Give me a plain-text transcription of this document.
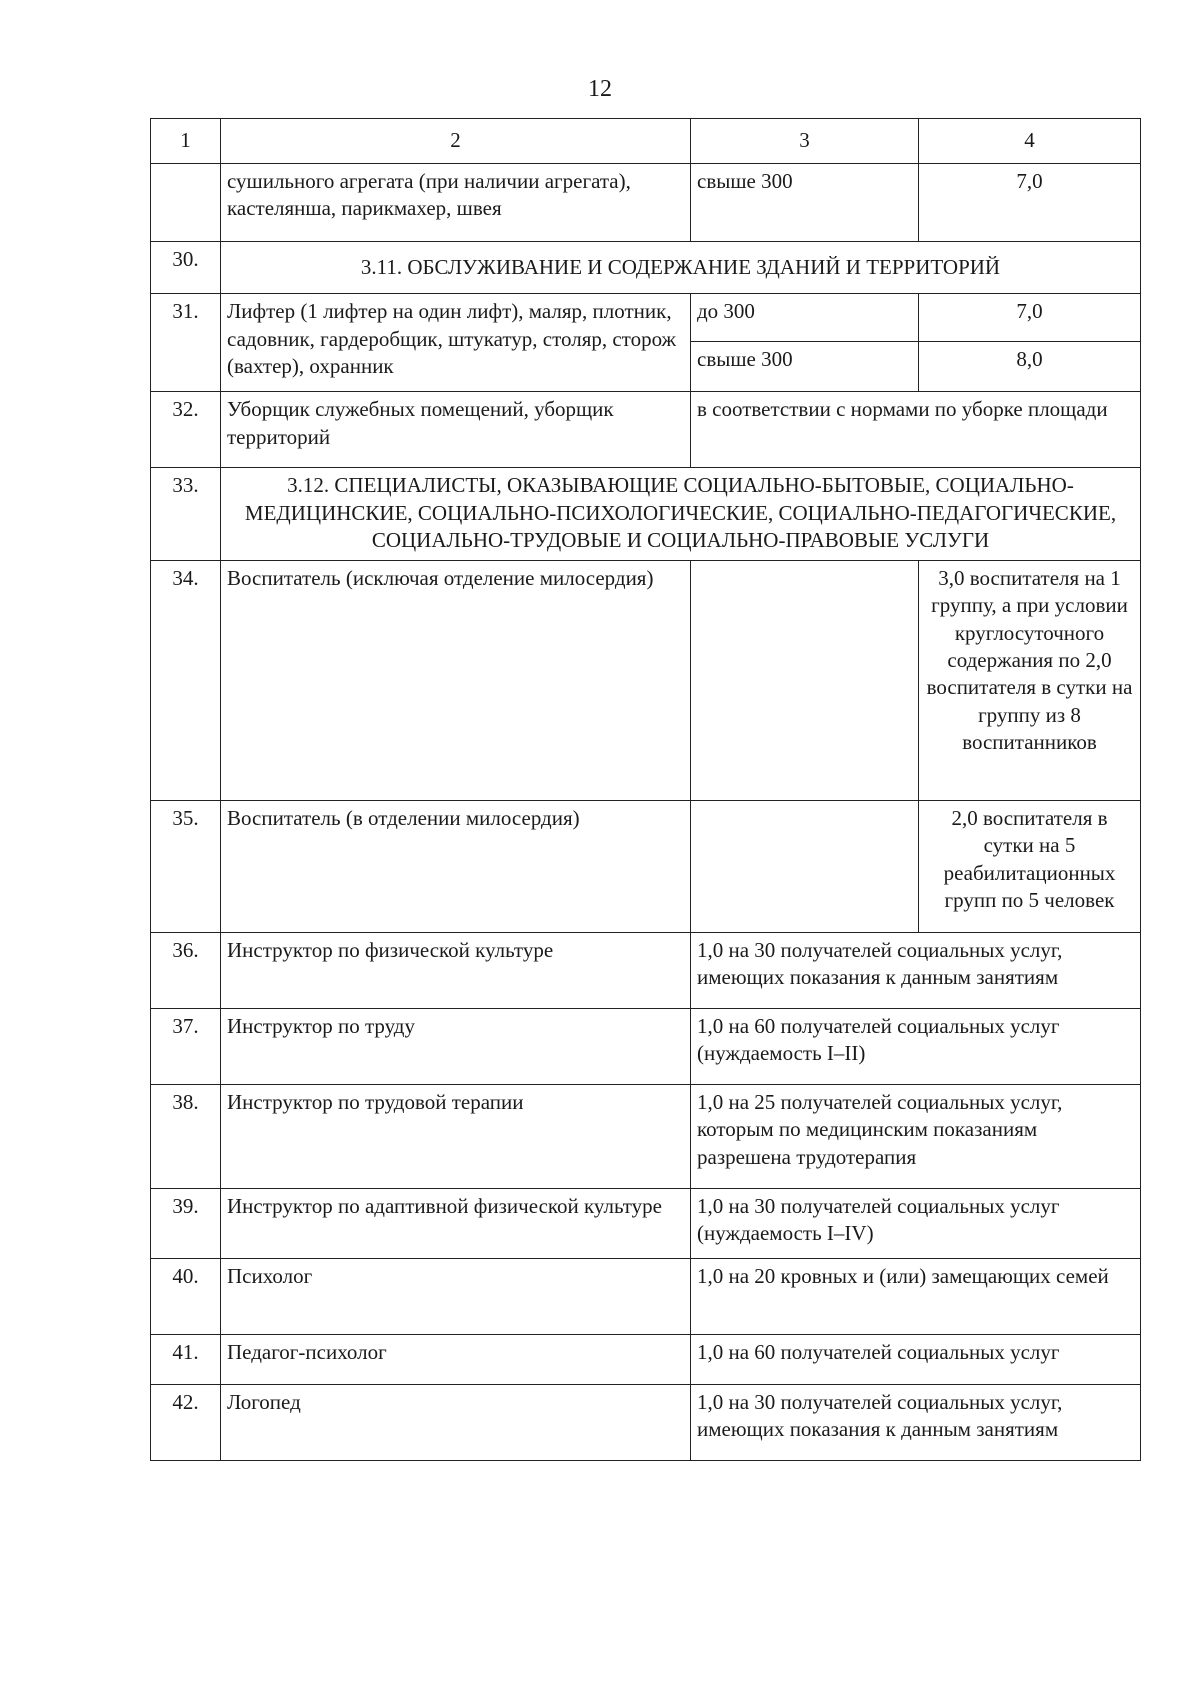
12
1	2	3	4
	сушильного агрегата (при наличии агрегата), кастелянша, парикмахер, швея	свыше 300	7,0
30.	3.11. ОБСЛУЖИВАНИЕ И СОДЕРЖАНИЕ ЗДАНИЙ И ТЕРРИТОРИЙ		
31.	Лифтер (1 лифтер на один лифт), маляр, плотник, садовник, гардеробщик, штукатур, столяр, сторож (вахтер), охранник	до 300	7,0
		свыше 300	8,0
32.	Уборщик служебных помещений, уборщик территорий	в соответствии с нормами по уборке площади	
33.	3.12. СПЕЦИАЛИСТЫ, ОКАЗЫВАЮЩИЕ СОЦИАЛЬНО-БЫТОВЫЕ, СОЦИАЛЬНО-МЕДИЦИНСКИЕ, СОЦИАЛЬНО-ПСИХОЛОГИЧЕСКИЕ, СОЦИАЛЬНО-ПЕДАГОГИЧЕСКИЕ, СОЦИАЛЬНО-ТРУДОВЫЕ И СОЦИАЛЬНО-ПРАВОВЫЕ УСЛУГИ		
34.	Воспитатель (исключая отделение милосердия)		3,0 воспитателя на 1 группу, а при условии круглосуточного содержания по 2,0 воспитателя в сутки на группу из 8 воспитанников
35.	Воспитатель (в отделении милосердия)		2,0 воспитателя в сутки на 5 реабилитационных групп по 5 человек
36.	Инструктор по физической культуре	1,0 на 30 получателей социальных услуг, имеющих показания к данным занятиям	
37.	Инструктор по труду	1,0 на 60 получателей социальных услуг (нуждаемость I–II)	
38.	Инструктор по трудовой терапии	1,0 на 25 получателей социальных услуг, которым по медицинским показаниям разрешена трудотерапия	
39.	Инструктор по адаптивной физической культуре	1,0 на 30 получателей социальных услуг (нуждаемость I–IV)	
40.	Психолог	1,0 на 20 кровных и (или) замещающих семей	
41.	Педагог-психолог	1,0 на 60 получателей социальных услуг	
42.	Логопед	1,0 на 30 получателей социальных услуг, имеющих показания к данным занятиям	
